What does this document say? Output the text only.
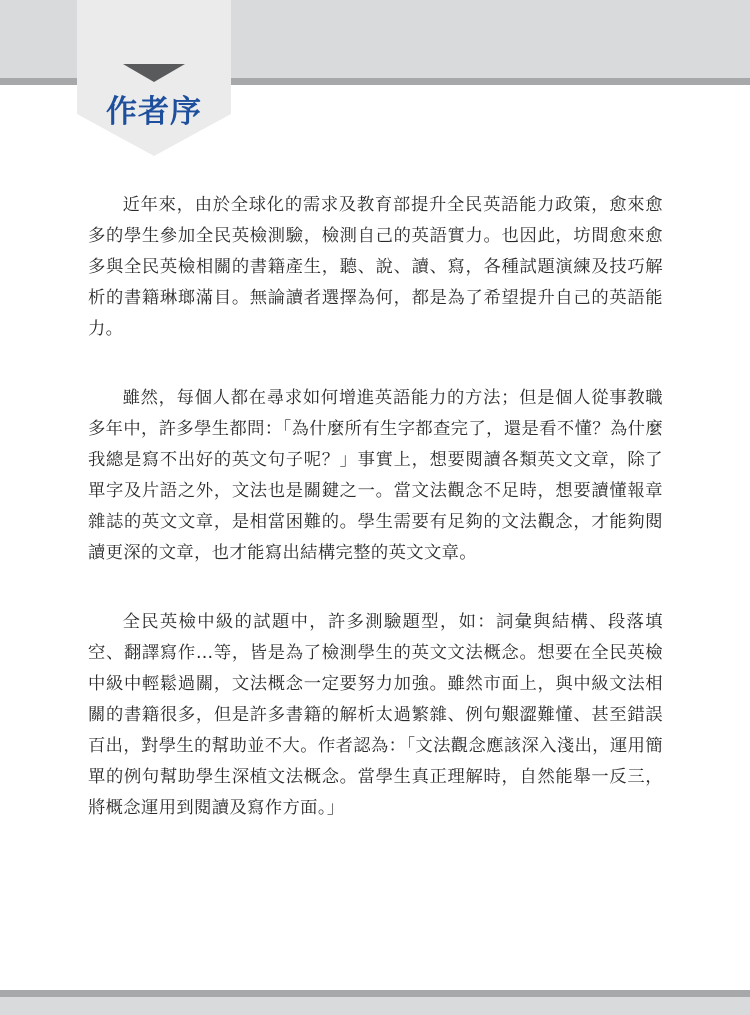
作者序

近年來，由於全球化的需求及教育部提升全民英語能力政策，愈來愈多的學生參加全民英檢測驗，檢測自己的英語實力。也因此，坊間愈來愈多與全民英檢相關的書籍產生，聽、說、讀、寫，各種試題演練及技巧解析的書籍琳瑯滿目。無論讀者選擇為何，都是為了希望提升自己的英語能力。

雖然，每個人都在尋求如何增進英語能力的方法；但是個人從事教職多年中，許多學生都問：「為什麼所有生字都查完了，還是看不懂？為什麼我總是寫不出好的英文句子呢？」事實上，想要閱讀各類英文文章，除了單字及片語之外，文法也是關鍵之一。當文法觀念不足時，想要讀懂報章雜誌的英文文章，是相當困難的。學生需要有足夠的文法觀念，才能夠閱讀更深的文章，也才能寫出結構完整的英文文章。

全民英檢中級的試題中，許多測驗題型，如：詞彙與結構、段落填空、翻譯寫作…等，皆是為了檢測學生的英文文法概念。想要在全民英檢中級中輕鬆過關，文法概念一定要努力加強。雖然市面上，與中級文法相關的書籍很多，但是許多書籍的解析太過繁雜、例句艱澀難懂、甚至錯誤百出，對學生的幫助並不大。作者認為：「文法觀念應該深入淺出，運用簡單的例句幫助學生深植文法概念。當學生真正理解時，自然能舉一反三，將概念運用到閱讀及寫作方面。」
